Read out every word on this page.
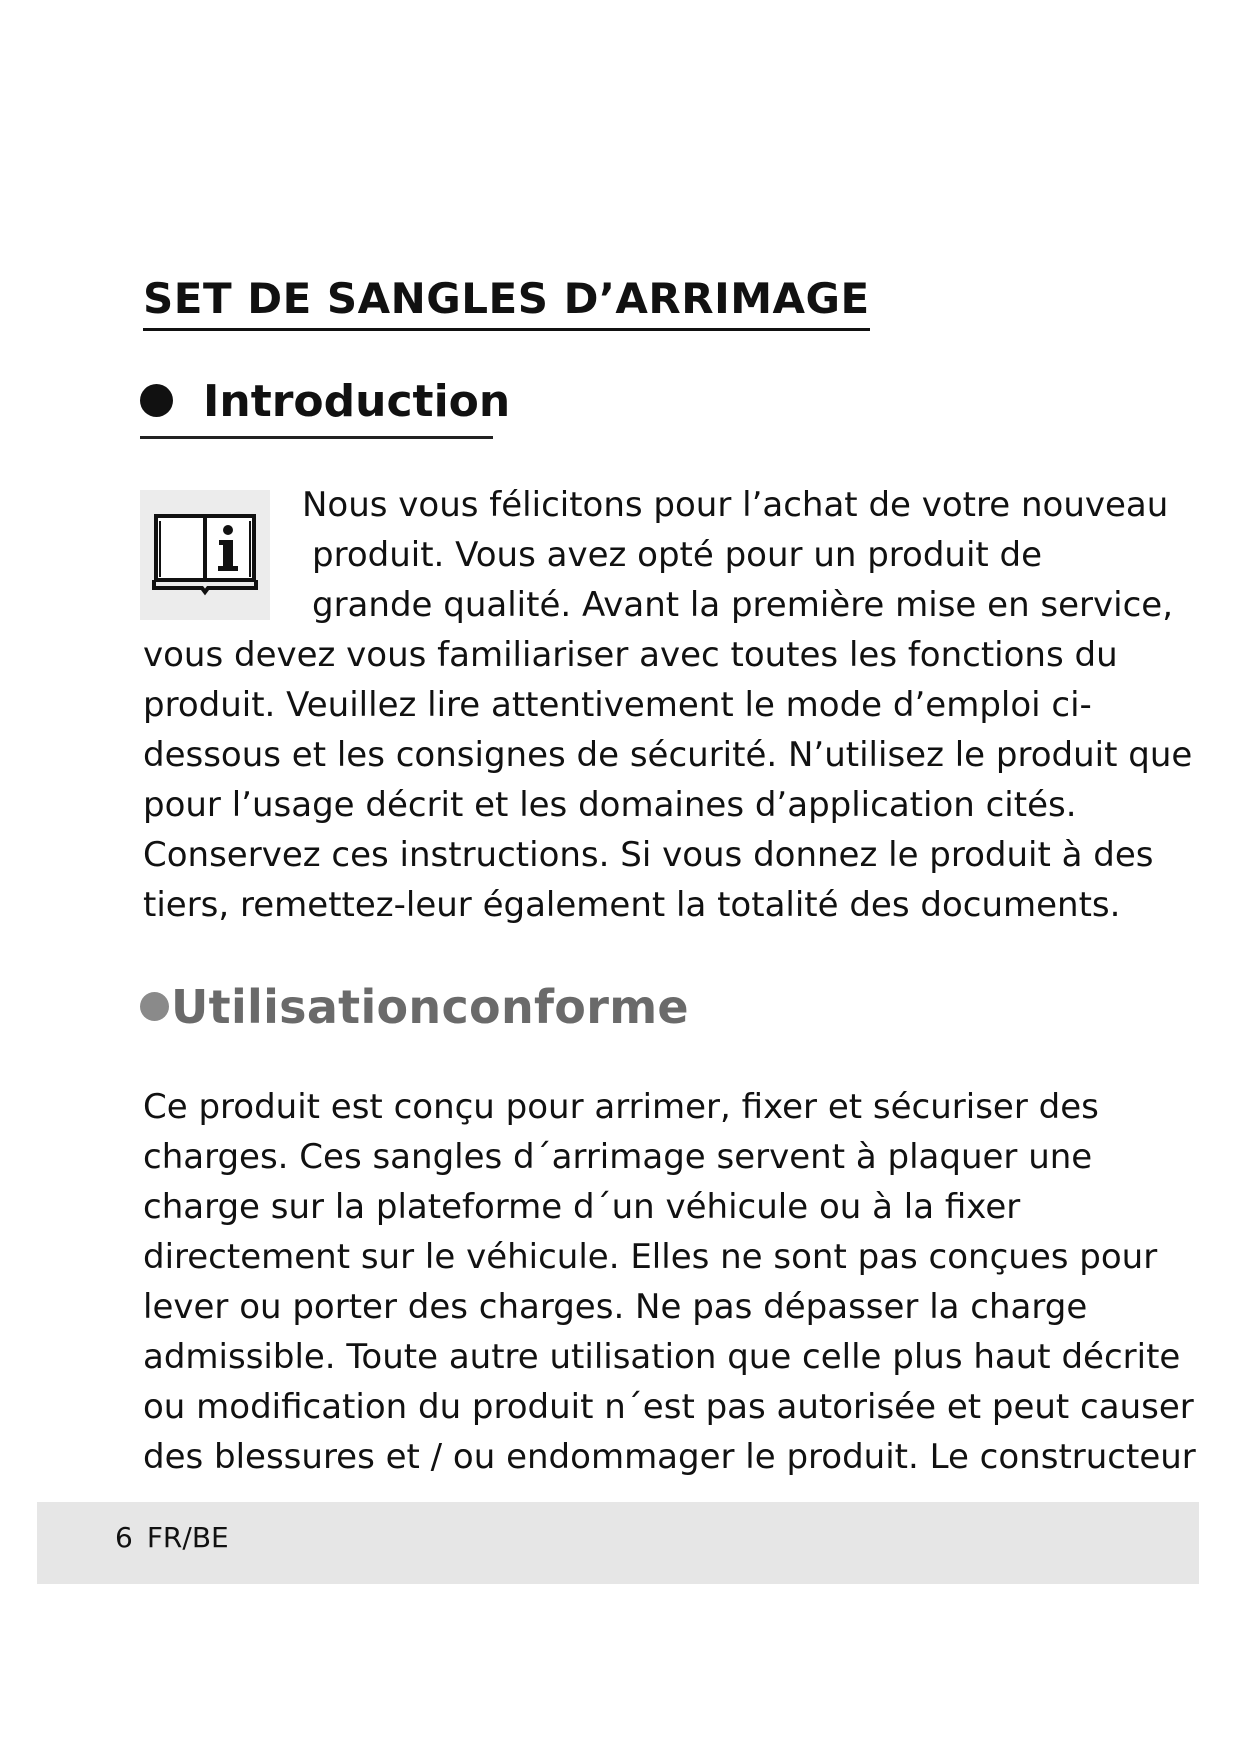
SET DE SANGLES D’ARRIMAGE
Introduction

Nous vous félicitons pour l’achat de votre nouveau
produit. Vous avez opté pour un produit de
grande qualité. Avant la première mise en service,

vous devez vous familiariser avec toutes les fonctions du
produit. Veuillez lire attentivement le mode d’emploi ci-
dessous et les consignes de sécurité. N’utilisez le produit que
pour l’usage décrit et les domaines d’application cités.
Conservez ces instructions. Si vous donnez le produit à des
tiers, remettez-leur également la totalité des documents.

Utilisationconforme

Ce produit est conçu pour arrimer, fixer et sécuriser des
charges. Ces sangles d´arrimage servent à plaquer une
charge sur la plateforme d´un véhicule ou à la fixer
directement sur le véhicule. Elles ne sont pas conçues pour
lever ou porter des charges. Ne pas dépasser la charge
admissible. Toute autre utilisation que celle plus haut décrite
ou modification du produit n´est pas autorisée et peut causer
des blessures et / ou endommager le produit. Le constructeur

6 FR/BE
